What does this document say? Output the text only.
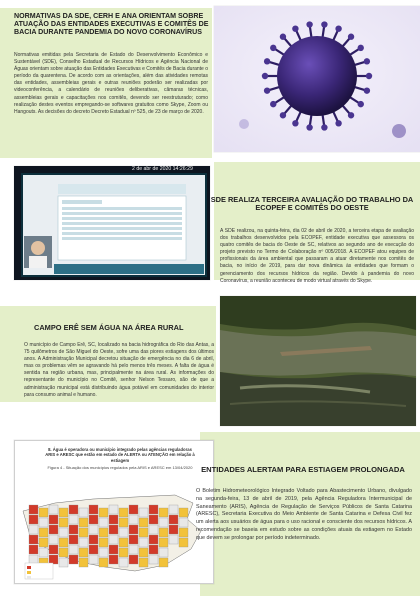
NORMATIVAS DA SDE, CERH E ANA ORIENTAM SOBRE ATUAÇÃO DAS ENTIDADES EXECUTIVAS E COMITÊS DE BACIA DURANTE PANDEMIA DO NOVO CORONAVÍRUS
Normativas emitidas pela Secretaria de Estado do Desenvolvimento Econômico e Sustentável (SDE), Conselho Estadual de Recursos Hídricos e Agência Nacional de Águas orientam sobre atuação das Entidades Executivas e Comitês de Bacia durante o período da quarentena. De acordo com as orientações, além das atividades remotas das entidades, assembleias gerais e outras reuniões poderão ser realizadas por videoconferência, a calendário de reuniões deliberativas, câmaras técnicas, assembleias gerais e capacitações nos comitês, devendo ser reestruturado; como realização destes eventos empregando-se softwares gratuitos como Skype, Zoom ou Hangouts. As decisões do decreto Decreto Estadual nº 525, de 23 de março de 2020.
2 de abr de 2020 14:26:29
SDE REALIZA TERCEIRA AVALIAÇÃO DO TRABALHO DA ECOPEF E COMITÊS DO OESTE
A SDE realizou, na quinta-feira, dia 02 de abril de 2020, a terceira etapa de avaliação dos trabalhos desenvolvidos pela ECOPEF, entidade executiva que assessora os quatro comitês de bacia do Oeste de SC, relativos ao segundo ano de execução do projeto previsto no Termo de Colaboração nº 005/2018. A ECOPEF atou equipes de profissionais da área ambiental que passaram a atuar diretamente nos comitês de bacia, no início de 2019, para dar nova dinâmica às entidades que formam o gerenciamento dos recursos hídricos da região. Devido à pandemia do novo Coronavírus, a reunião aconteceu de modo virtual através do Skype.
CAMPO ERÊ SEM ÁGUA NA ÁREA RURAL
O município de Campo Erê, SC, localizado na bacia hidrográfica do Rio das Antas, a 75 quilômetros de São Miguel do Oeste, sofre uma das piores estiagens dos últimos anos. A Administração Municipal decretou situação de emergência no dia 6 de abril, mas os problemas vêm se agravando há pelo menos três meses. A falta de água é sentida na região urbana, mas, principalmente na área rural. As informações do representante do município no Comitê, senhor Nelson Tessaro, são de que a administração municipal está distribuindo água potável em comunidades do interior para consumo animal e humano.
8. Água é operadora ou município integrado pelas agências reguladoras ARIS e ARESC que estão em estado de ALERTA ou ATENÇÃO em relação à estiagem
Figura 4 - Situação dos municípios regulados pela ARIS e ARESC em 13/04/2020	ENTIDADES ALERTAM PARA ESTIAGEM PROLONGADA
O Boletim Hidrometeorológico Integrado Voltado para Abastecimento Urbano, divulgado na segunda-feira, 13 de abril de 2019, pela Agência Reguladora Intermunicipal de Saneamento (ARIS), Agência de Regulação de Serviços Públicos de Santa Catarina (ARESC), Secretaria Executiva do Meio Ambiente de Santa Catarina e Defesa Civil fez um alerta aos usuários de água para o uso racional e consciente dos recursos hídricos. A recomendação se baseia em estudo sobre as condições atuais da estiagem no Estado que devem se prolongar por período indeterminado.
